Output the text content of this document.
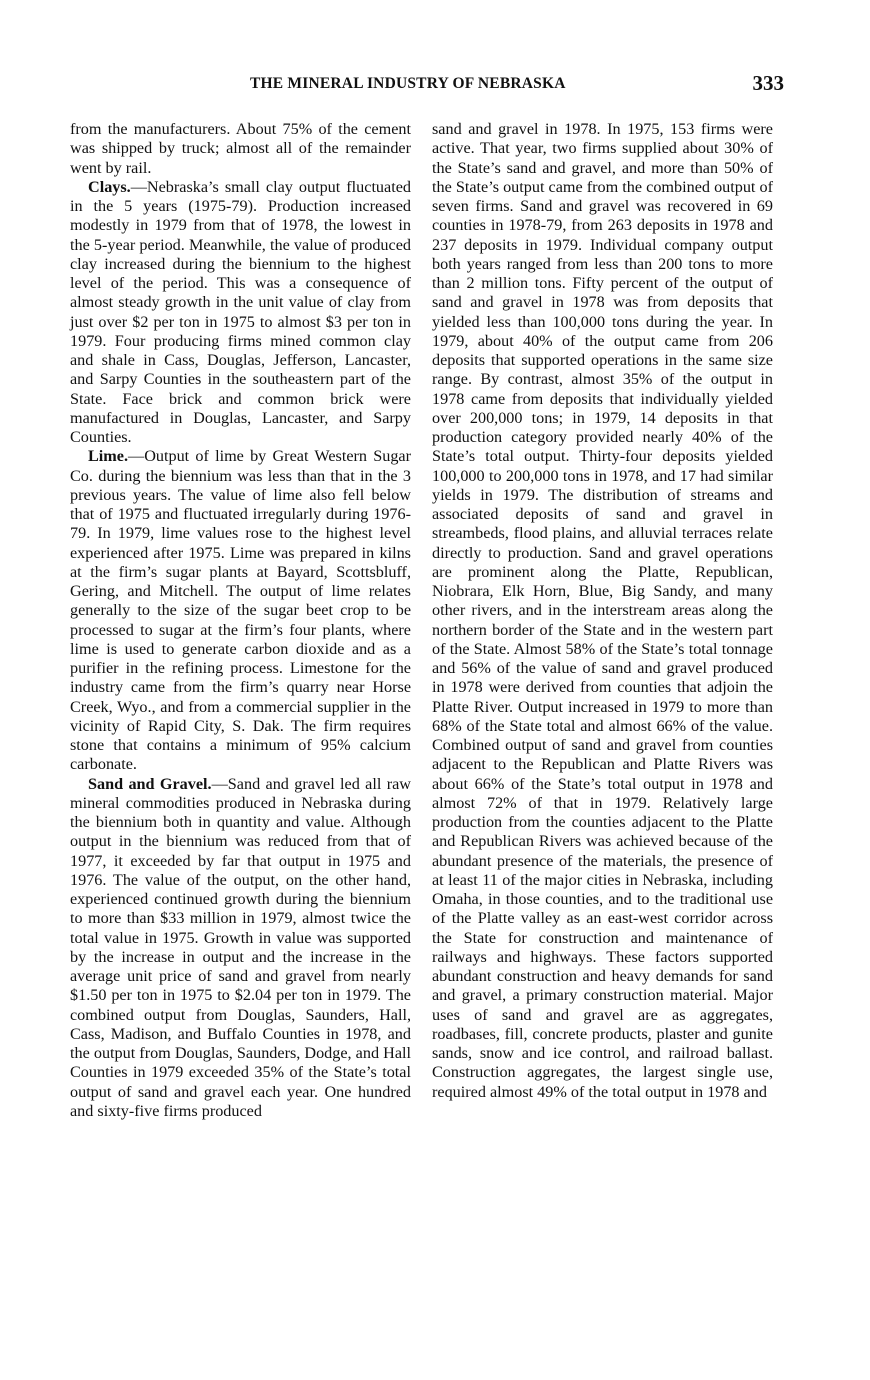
THE MINERAL INDUSTRY OF NEBRASKA	333

from the manufacturers. About 75% of the cement was shipped by truck; almost all of the remainder went by rail.

Clays.—Nebraska’s small clay output fluctuated in the 5 years (1975-79). Production increased modestly in 1979 from that of 1978, the lowest in the 5-year period. Meanwhile, the value of produced clay increased during the biennium to the highest level of the period. This was a consequence of almost steady growth in the unit value of clay from just over $2 per ton in 1975 to almost $3 per ton in 1979. Four producing firms mined common clay and shale in Cass, Douglas, Jefferson, Lancaster, and Sarpy Counties in the southeastern part of the State. Face brick and common brick were manufactured in Douglas, Lancaster, and Sarpy Counties.

Lime.—Output of lime by Great Western Sugar Co. during the biennium was less than that in the 3 previous years. The value of lime also fell below that of 1975 and fluctuated irregularly during 1976-79. In 1979, lime values rose to the highest level experienced after 1975. Lime was prepared in kilns at the firm’s sugar plants at Bayard, Scottsbluff, Gering, and Mitchell. The output of lime relates generally to the size of the sugar beet crop to be processed to sugar at the firm’s four plants, where lime is used to generate carbon dioxide and as a purifier in the refining process. Limestone for the industry came from the firm’s quarry near Horse Creek, Wyo., and from a commercial supplier in the vicinity of Rapid City, S. Dak. The firm requires stone that contains a minimum of 95% calcium carbonate.

Sand and Gravel.—Sand and gravel led all raw mineral commodities produced in Nebraska during the biennium both in quantity and value. Although output in the biennium was reduced from that of 1977, it exceeded by far that output in 1975 and 1976. The value of the output, on the other hand, experienced continued growth during the biennium to more than $33 million in 1979, almost twice the total value in 1975. Growth in value was supported by the increase in output and the increase in the average unit price of sand and gravel from nearly $1.50 per ton in 1975 to $2.04 per ton in 1979. The combined output from Douglas, Saunders, Hall, Cass, Madison, and Buffalo Counties in 1978, and the output from Douglas, Saunders, Dodge, and Hall Counties in 1979 exceeded 35% of the State’s total output of sand and gravel each year. One hundred and sixty-five firms produced

sand and gravel in 1978. In 1975, 153 firms were active. That year, two firms supplied about 30% of the State’s sand and gravel, and more than 50% of the State’s output came from the combined output of seven firms. Sand and gravel was recovered in 69 counties in 1978-79, from 263 deposits in 1978 and 237 deposits in 1979. Individual company output both years ranged from less than 200 tons to more than 2 million tons. Fifty percent of the output of sand and gravel in 1978 was from deposits that yielded less than 100,000 tons during the year. In 1979, about 40% of the output came from 206 deposits that supported operations in the same size range. By contrast, almost 35% of the output in 1978 came from deposits that individually yielded over 200,000 tons; in 1979, 14 deposits in that production category provided nearly 40% of the State’s total output. Thirty-four deposits yielded 100,000 to 200,000 tons in 1978, and 17 had similar yields in 1979. The distribution of streams and associated deposits of sand and gravel in streambeds, flood plains, and alluvial terraces relate directly to production. Sand and gravel operations are prominent along the Platte, Republican, Niobrara, Elk Horn, Blue, Big Sandy, and many other rivers, and in the interstream areas along the northern border of the State and in the western part of the State. Almost 58% of the State’s total tonnage and 56% of the value of sand and gravel produced in 1978 were derived from counties that adjoin the Platte River. Output increased in 1979 to more than 68% of the State total and almost 66% of the value. Combined output of sand and gravel from counties adjacent to the Republican and Platte Rivers was about 66% of the State’s total output in 1978 and almost 72% of that in 1979. Relatively large production from the counties adjacent to the Platte and Republican Rivers was achieved because of the abundant presence of the materials, the presence of at least 11 of the major cities in Nebraska, including Omaha, in those counties, and to the traditional use of the Platte valley as an east-west corridor across the State for construction and maintenance of railways and highways. These factors supported abundant construction and heavy demands for sand and gravel, a primary construction material. Major uses of sand and gravel are as aggregates, roadbases, fill, concrete products, plaster and gunite sands, snow and ice control, and railroad ballast. Construction aggregates, the largest single use, required almost 49% of the total output in 1978 and
